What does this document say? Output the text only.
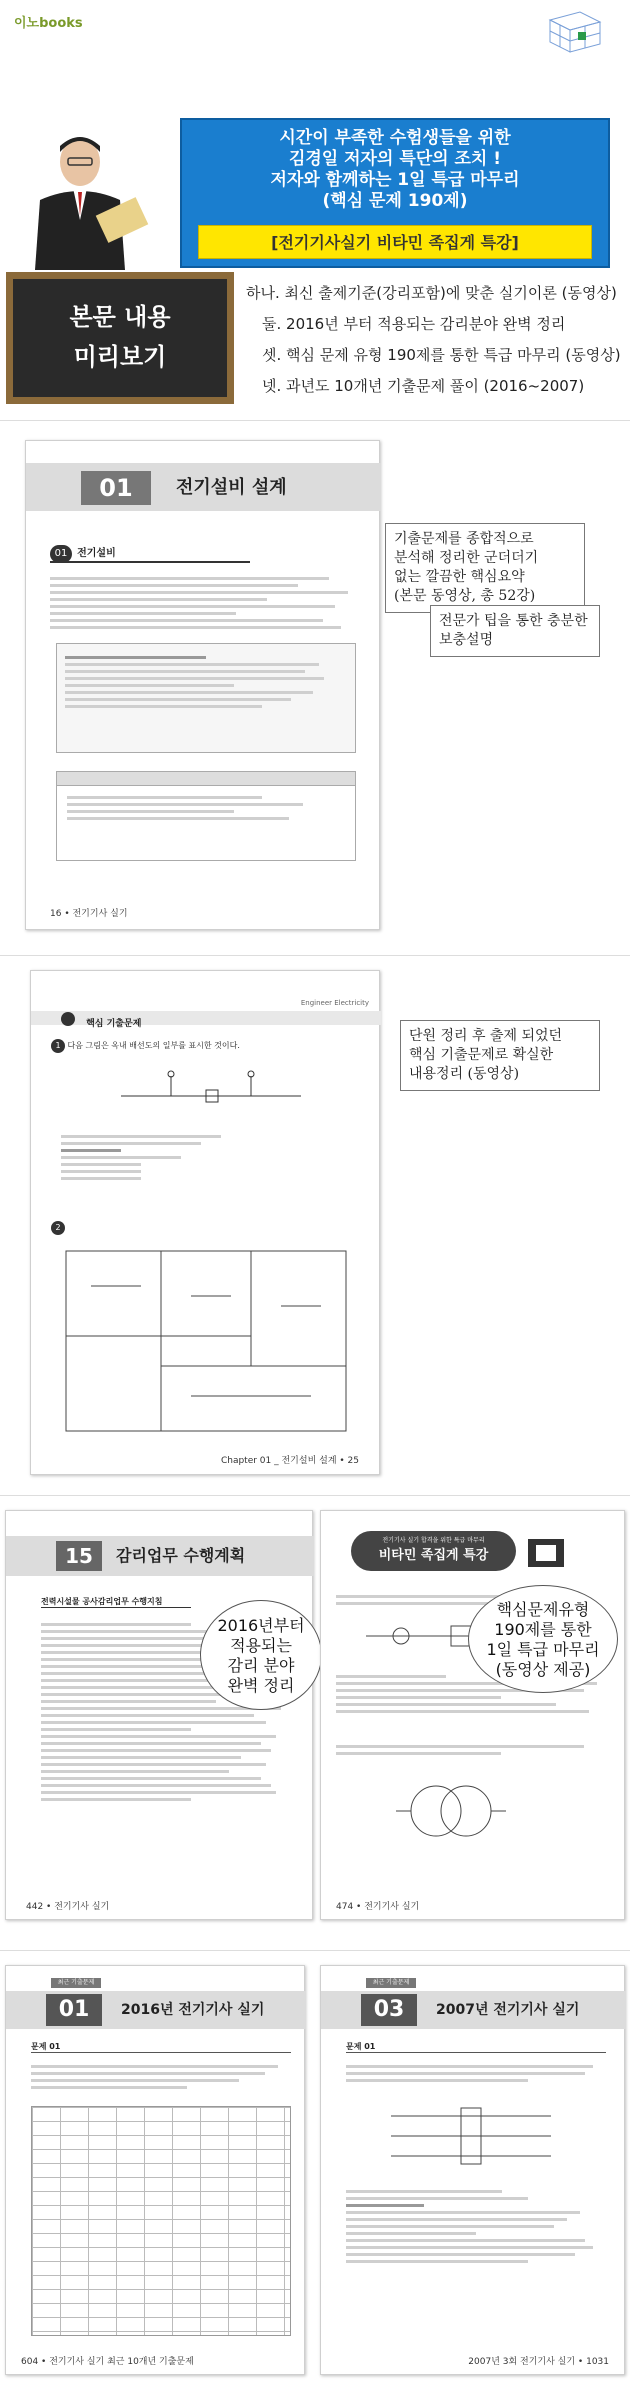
이노books
시간이 부족한 수험생들을 위한
김경일 저자의 특단의 조치 !
저자와 함께하는 1일 특급 마무리
(핵심 문제 190제)
[전기기사실기 비타민 족집게 특강]
본문 내용
미리보기
하나. 최신 출제기준(강리포함)에 맞춘 실기이론 (동영상)
둘. 2016년 부터 적용되는 감리분야 완벽 정리
셋. 핵심 문제 유형 190제를 통한 특급 마무리 (동영상)
넷. 과년도 10개년 기출문제 풀이 (2016~2007)
01	전기설비 설계
01 전기설비
16 • 전기기사 실기
기출문제를 종합적으로
분석해 정리한 군더더기
없는 깔끔한 핵심요약
(본문 동영상, 총 52강)
전문가 팁을 통한 충분한
보충설명
Engineer Electricity
핵심 기출문제
1 다음 그림은 옥내 배선도의 일부를 표시한 것이다.
2
Chapter 01 _ 전기설비 설계 • 25
단원 정리 후 출제 되었던
핵심 기출문제로 확실한
내용정리 (동영상)
15	감리업무 수행계획
전력시설물 공사감리업무 수행지침
442 • 전기기사 실기
2016년부터
적용되는
감리 분야
완벽 정리
전기기사 실기 합격을 위한 특급 마무리
비타민 족집게 특강
474 • 전기기사 실기
핵심문제유형
190제를 통한
1일 특급 마무리
(동영상 제공)
최근 기출문제
01	2016년 전기기사 실기
문제 01
604 • 전기기사 실기 최근 10개년 기출문제
최근 기출문제
03	2007년 전기기사 실기
문제 01
2007년 3회 전기기사 실기 • 1031
